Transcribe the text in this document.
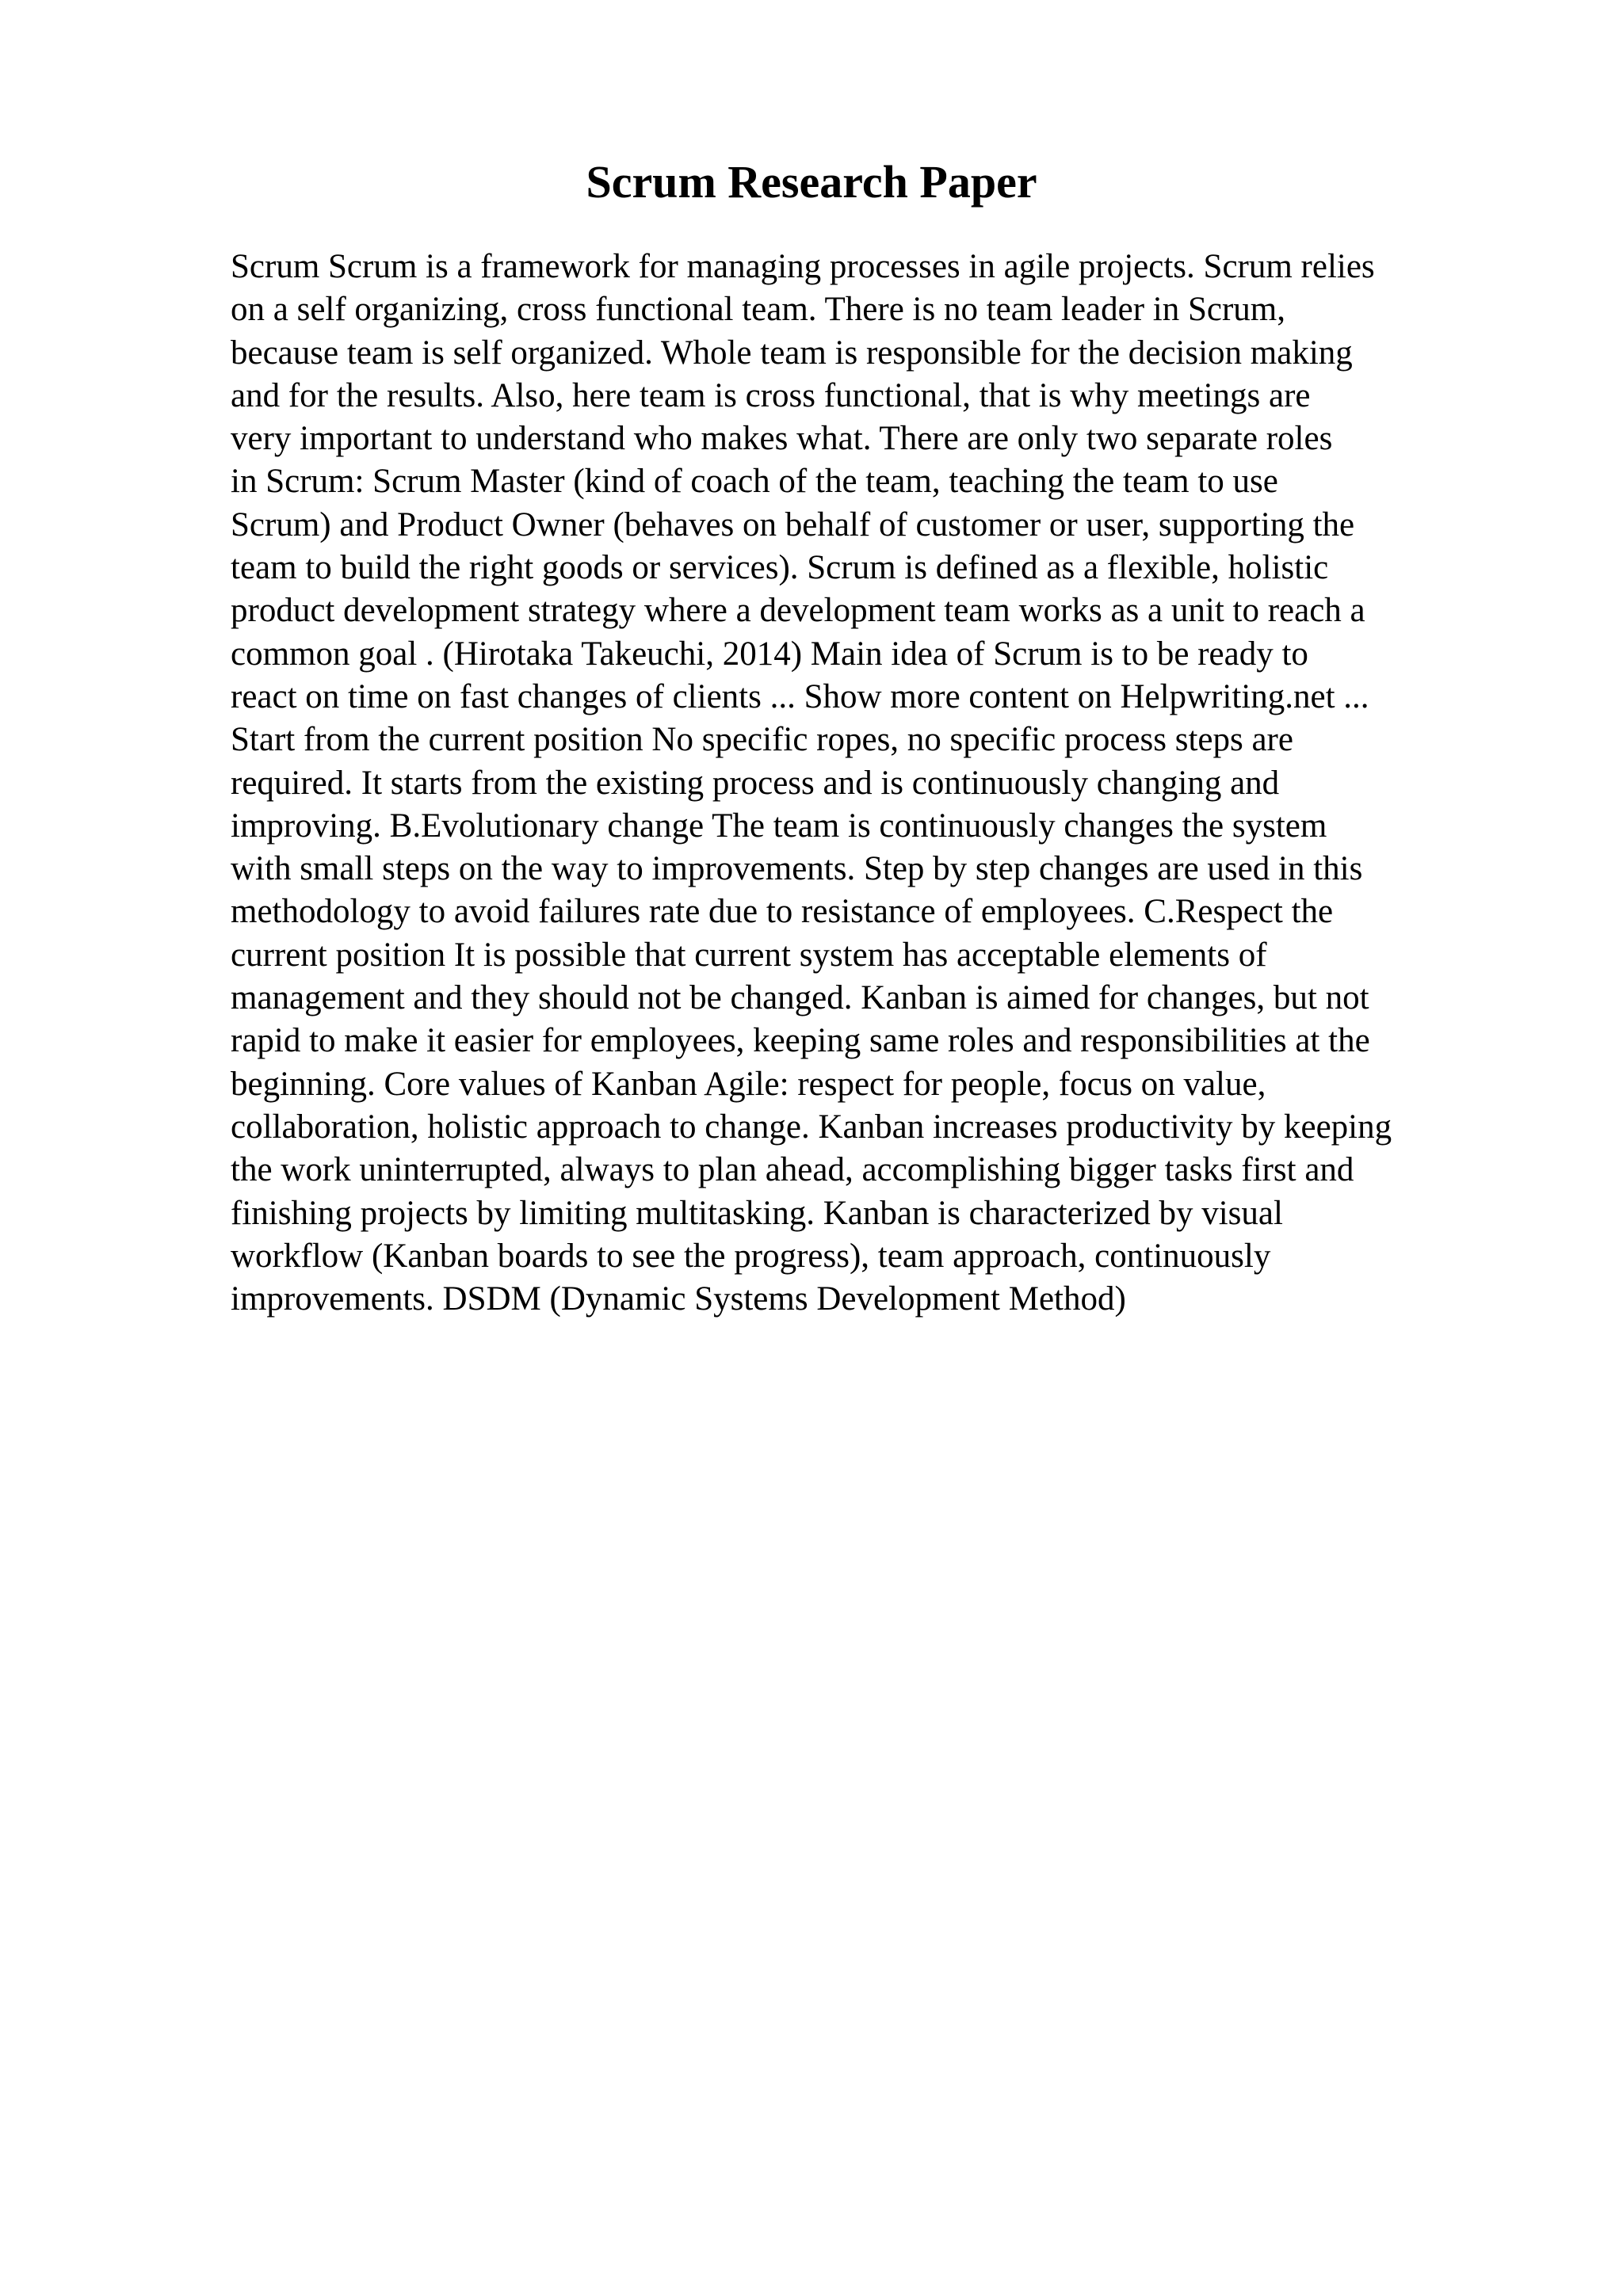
Scrum Research Paper
Scrum Scrum is a framework for managing processes in agile projects. Scrum relies
on a self organizing, cross functional team. There is no team leader in Scrum,
because team is self organized. Whole team is responsible for the decision making
and for the results. Also, here team is cross functional, that is why meetings are
very important to understand who makes what. There are only two separate roles
in Scrum: Scrum Master (kind of coach of the team, teaching the team to use
Scrum) and Product Owner (behaves on behalf of customer or user, supporting the
team to build the right goods or services). Scrum is defined as a flexible, holistic
product development strategy where a development team works as a unit to reach a
common goal . (Hirotaka Takeuchi, 2014) Main idea of Scrum is to be ready to
react on time on fast changes of clients ... Show more content on Helpwriting.net ...
Start from the current position No specific ropes, no specific process steps are
required. It starts from the existing process and is continuously changing and
improving. B.Evolutionary change The team is continuously changes the system
with small steps on the way to improvements. Step by step changes are used in this
methodology to avoid failures rate due to resistance of employees. C.Respect the
current position It is possible that current system has acceptable elements of
management and they should not be changed. Kanban is aimed for changes, but not
rapid to make it easier for employees, keeping same roles and responsibilities at the
beginning. Core values of Kanban Agile: respect for people, focus on value,
collaboration, holistic approach to change. Kanban increases productivity by keeping
the work uninterrupted, always to plan ahead, accomplishing bigger tasks first and
finishing projects by limiting multitasking. Kanban is characterized by visual
workflow (Kanban boards to see the progress), team approach, continuously
improvements. DSDM (Dynamic Systems Development Method)
